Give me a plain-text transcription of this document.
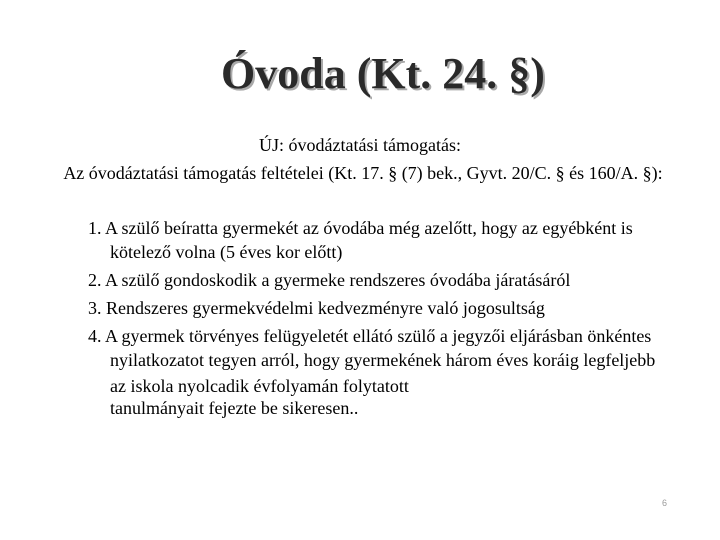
Óvoda (Kt. 24. §)
ÚJ: óvodáztatási támogatás:
Az óvodáztatási támogatás feltételei (Kt. 17. § (7) bek., Gyvt. 20/C. § és 160/A. §):
1. A szülő beíratta gyermekét az óvodába még azelőtt, hogy az egyébként is kötelező volna (5 éves kor előtt)
2. A szülő gondoskodik a gyermeke rendszeres óvodába járatásáról
3. Rendszeres gyermekvédelmi kedvezményre való jogosultság
4. A gyermek törvényes felügyeletét ellátó szülő a jegyzői eljárásban önkéntes nyilatkozatot tegyen arról, hogy gyermekének három éves koráig legfeljebb
az iskola nyolcadik évfolyamán folytatott
tanulmányait fejezte be sikeresen..
6
